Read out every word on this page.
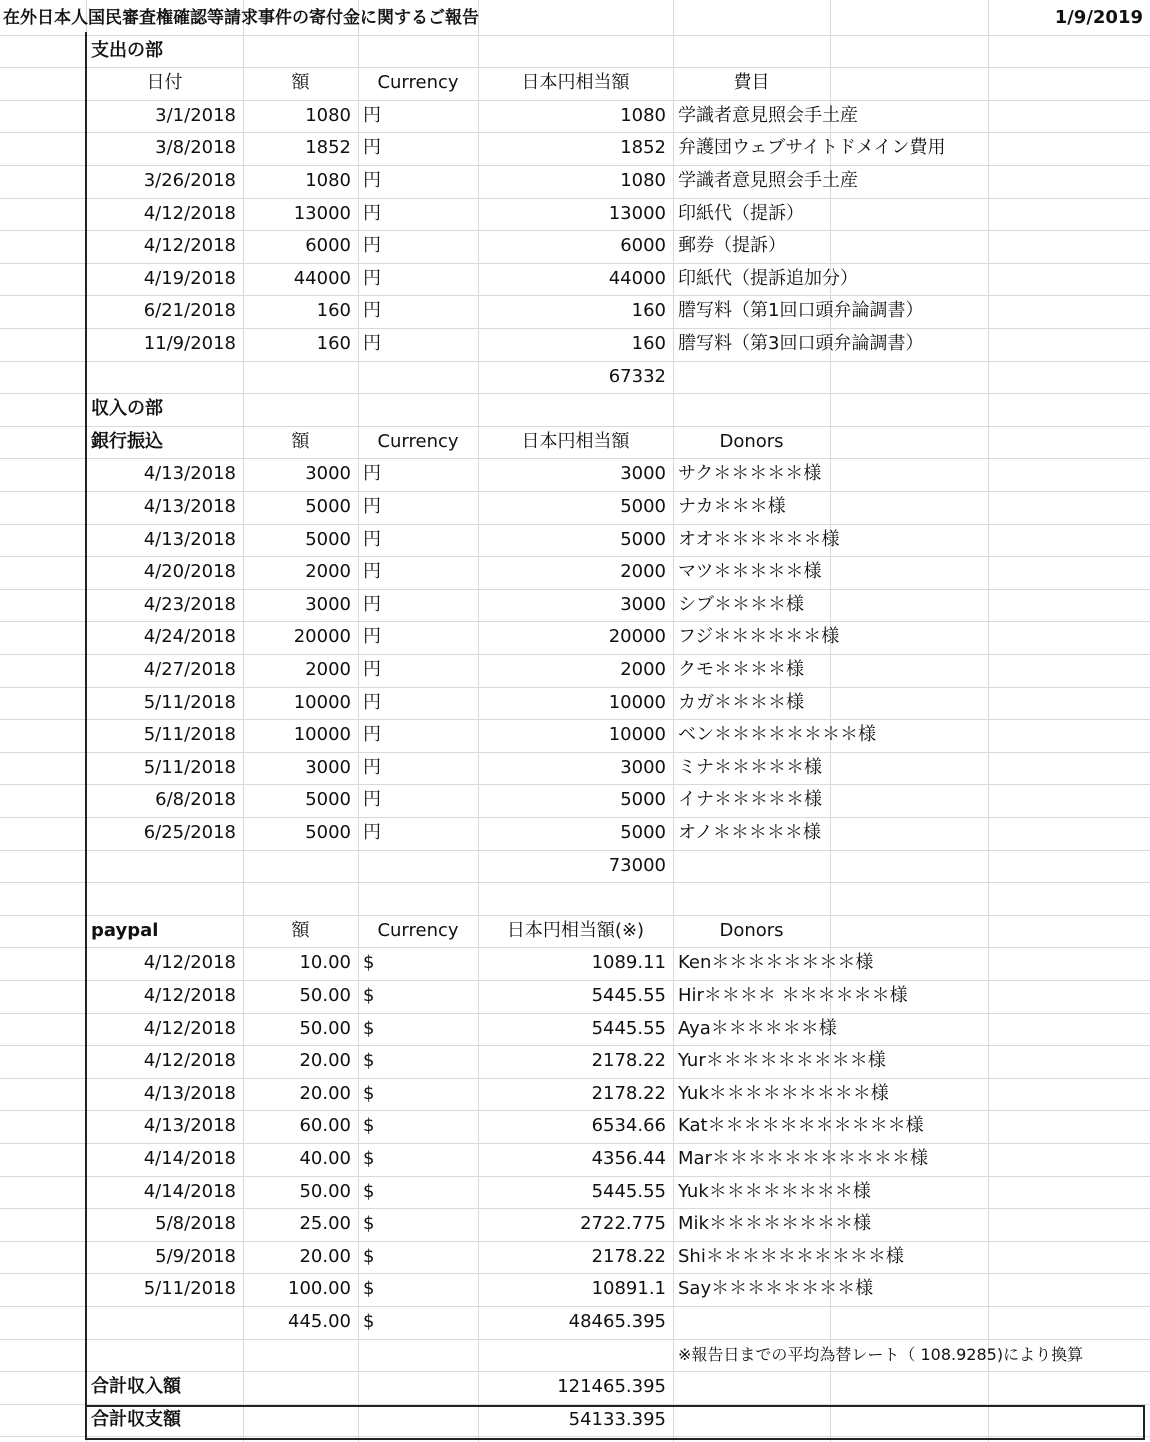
在外日本人国民審査権確認等請求事件の寄付金に関するご報告	1/9/2019
支出の部
日付	額	Currency	日本円相当額	費目
3/1/2018	1080 円	1080 学識者意見照会手土産
3/8/2018	1852 円	1852 弁護団ウェブサイトドメイン費用
3/26/2018	1080 円	1080 学識者意見照会手土産
4/12/2018	13000 円	13000 印紙代（提訴）
4/12/2018	6000 円	6000 郵券（提訴）
4/19/2018	44000 円	44000 印紙代（提訴追加分）
6/21/2018	160 円	160 謄写料（第1回口頭弁論調書）
11/9/2018	160 円	160 謄写料（第3回口頭弁論調書）
67332
収入の部
銀行振込	額	Currency	日本円相当額	Donors
4/13/2018	3000 円	3000 サク＊＊＊＊＊様
4/13/2018	5000 円	5000 ナカ＊＊＊様
4/13/2018	5000 円	5000 オオ＊＊＊＊＊＊様
4/20/2018	2000 円	2000 マツ＊＊＊＊＊様
4/23/2018	3000 円	3000 シブ＊＊＊＊様
4/24/2018	20000 円	20000 フジ＊＊＊＊＊＊様
4/27/2018	2000 円	2000 クモ＊＊＊＊様
5/11/2018	10000 円	10000 カガ＊＊＊＊様
5/11/2018	10000 円	10000 ベン＊＊＊＊＊＊＊＊様
5/11/2018	3000 円	3000 ミナ＊＊＊＊＊様
6/8/2018	5000 円	5000 イナ＊＊＊＊＊様
6/25/2018	5000 円	5000 オノ＊＊＊＊＊様
73000
paypal	額	Currency	日本円相当額(※)	Donors
4/12/2018	10.00 $	1089.11 Ken＊＊＊＊＊＊＊＊様
4/12/2018	50.00 $	5445.55 Hir＊＊＊＊ ＊＊＊＊＊＊様
4/12/2018	50.00 $	5445.55 Aya＊＊＊＊＊＊様
4/12/2018	20.00 $	2178.22 Yur＊＊＊＊＊＊＊＊＊様
4/13/2018	20.00 $	2178.22 Yuk＊＊＊＊＊＊＊＊＊様
4/13/2018	60.00 $	6534.66 Kat＊＊＊＊＊＊＊＊＊＊＊様
4/14/2018	40.00 $	4356.44 Mar＊＊＊＊＊＊＊＊＊＊＊様
4/14/2018	50.00 $	5445.55 Yuk＊＊＊＊＊＊＊＊様
5/8/2018	25.00 $	2722.775 Mik＊＊＊＊＊＊＊＊様
5/9/2018	20.00 $	2178.22 Shi＊＊＊＊＊＊＊＊＊＊様
5/11/2018	100.00 $	10891.1 Say＊＊＊＊＊＊＊＊様
445.00 $	48465.395
※報告日までの平均為替レート（ 108.9285)により換算
合計収入額	121465.395
合計収支額	54133.395
